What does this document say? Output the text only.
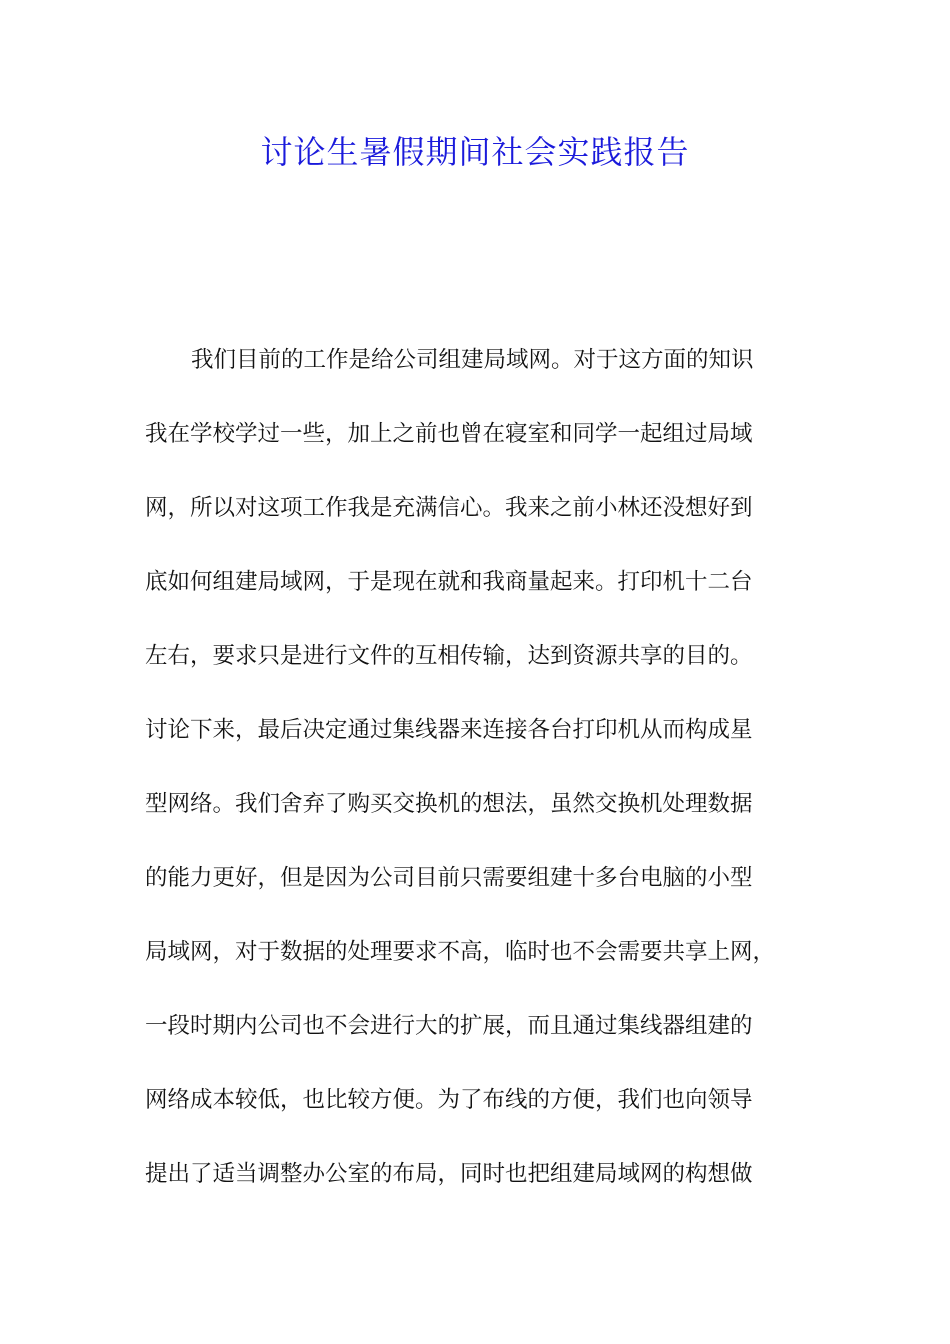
讨论生暑假期间社会实践报告
我们目前的工作是给公司组建局域网。对于这方面的知识
我在学校学过一些，加上之前也曾在寝室和同学一起组过局域
网，所以对这项工作我是充满信心。我来之前小林还没想好到
底如何组建局域网，于是现在就和我商量起来。打印机十二台
左右，要求只是进行文件的互相传输，达到资源共享的目的。
讨论下来，最后决定通过集线器来连接各台打印机从而构成星
型网络。我们舍弃了购买交换机的想法，虽然交换机处理数据
的能力更好，但是因为公司目前只需要组建十多台电脑的小型
局域网，对于数据的处理要求不高，临时也不会需要共享上网，
一段时期内公司也不会进行大的扩展，而且通过集线器组建的
网络成本较低，也比较方便。为了布线的方便，我们也向领导
提出了适当调整办公室的布局，同时也把组建局域网的构想做
